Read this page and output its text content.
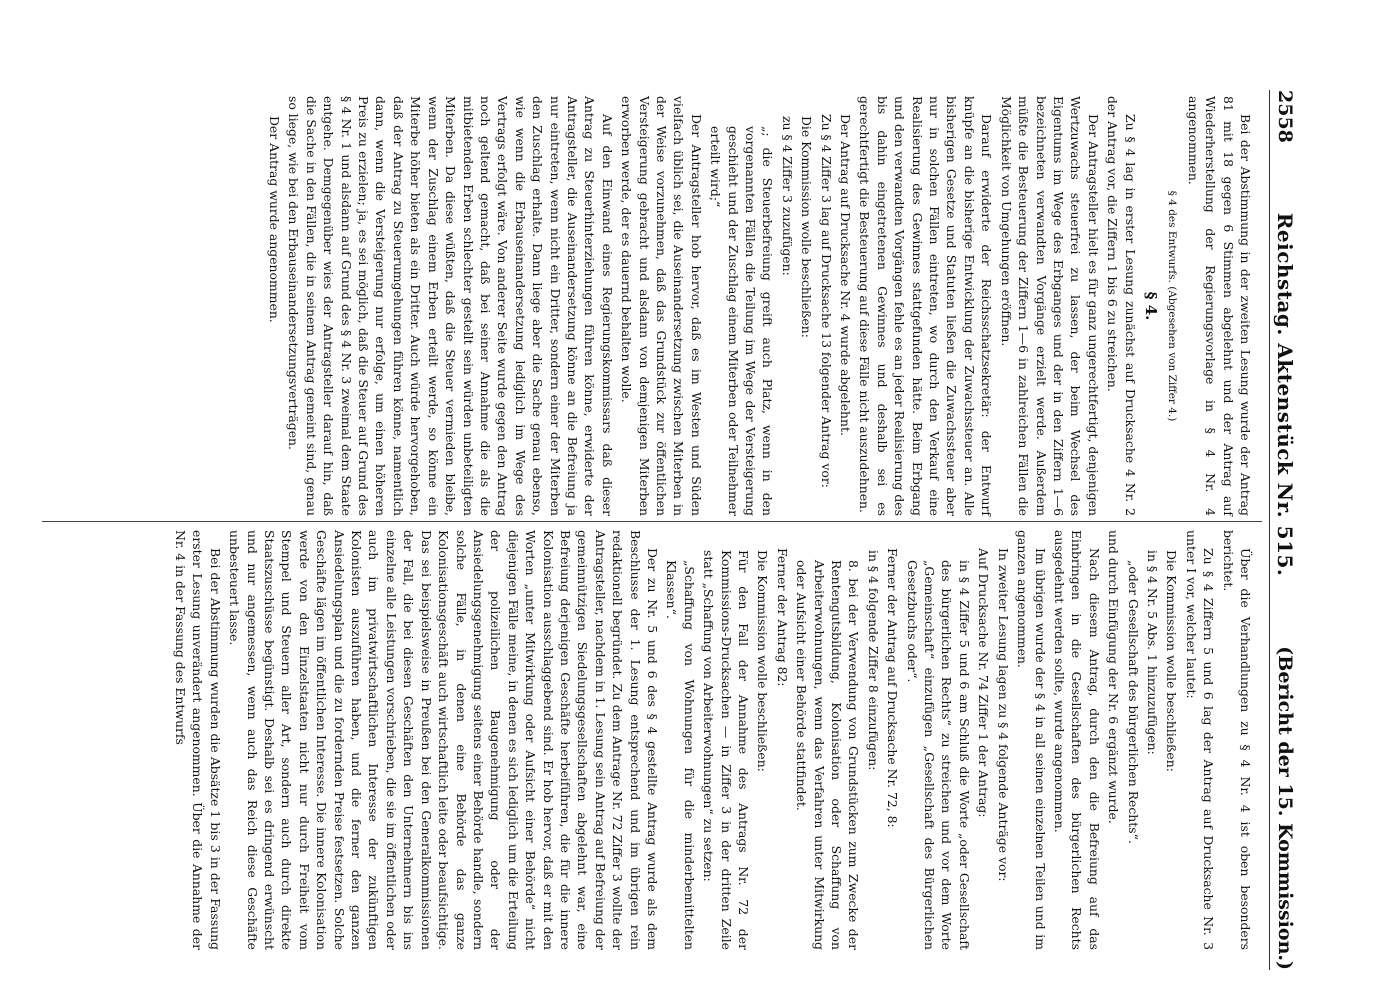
2558
Reichstag. Aktenstück Nr. 515.
(Bericht der 15. Kommission.)

Bei der Abstimmung in der zweiten Lesung wurde der Antrag 81 mit 18 gegen 6 Stimmen abgelehnt und der Antrag auf Wiederherstellung der Regierungsvorlage in § 4 Nr. 4 angenommen.

§ 4 des Entwurfs. (Abgesehen von Ziffer 4.)

§ 4.

Zu § 4 lag in erster Lesung zunächst auf Drucksache 4 Nr. 2 der Antrag vor, die Ziffern 1 bis 6 zu streichen.

Der Antragsteller hielt es für ganz ungerechtfertigt, denjenigen Wertzuwachs steuerfrei zu lassen, der beim Wechsel des Eigentums im Wege des Erbganges und der in den Ziffern 1—6 bezeichneten verwandten Vorgänge erzielt werde. Außerdem müßte die Besteuerung der Ziffern 1—6 in zahlreichen Fällen die Möglichkeit von Umgehungen eröffnen.

Darauf erwiderte der Reichsschatzsekretär: der Entwurf knüpfe an die bisherige Entwicklung der Zuwachssteuer an. Alle bisherigen Gesetze und Statuten ließen die Zuwachssteuer aber nur in solchen Fällen eintreten, wo durch den Verkauf eine Realisierung des Gewinnes stattgefunden hätte. Beim Erbgang und den verwandten Vorgängen fehle es an jeder Realisierung des bis dahin eingetretenen Gewinnes und deshalb sei es gerechtfertigt die Besteuerung auf diese Fälle nicht auszudehnen.

Der Antrag auf Drucksache Nr. 4 wurde abgelehnt.

Zu § 4 Ziffer 3 lag auf Drucksache 13 folgender Antrag vor:

Die Kommission wolle beschließen:

zu § 4 Ziffer 3 zuzufügen:

„; die Steuerbefreiung greift auch Platz, wenn in den vorgenannten Fällen die Teilung im Wege der Versteigerung geschieht und der Zuschlag einem Miterben oder Teilnehmer erteilt wird;“

Der Antragsteller hob hervor, daß es im Westen und Süden vielfach üblich sei, die Auseinandersetzung zwischen Miterben in der Weise vorzunehmen, daß das Grundstück zur öffentlichen Versteigerung gebracht und alsdann von demjenigen Miterben erworben werde, der es dauernd behalten wolle.

Auf den Einwand eines Regierungskommissars daß dieser Antrag zu Steuerhinterziehungen führen könne, erwiderte der Antragsteller, die Auseinandersetzung könne an die Befreiung ja nur eintreten, wenn nicht ein Dritter, sondern einer der Miterben den Zuschlag erhalte. Dann liege aber die Sache genau ebenso, wie wenn die Erbauseinandersetzung lediglich im Wege des Vertrags erfolgt wäre. Von anderer Seite wurde gegen den Antrag noch geltend gemacht, daß bei seiner Annahme die als die mitbietenden Erben schlechter gestellt sein würden unbeteiligten Miterben. Da diese wüßten, daß die Steuer vermieden bleibe, wenn der Zuschlag einem Erben erteilt werde, so könne ein Miterbe höher bieten als ein Dritter. Auch würde hervorgehoben, daß der Antrag zu Steuerumgehungen führen könne, namentlich dann, wenn die Versteigerung nur erfolge, um einen höheren Preis zu erzielen; ja, es sei möglich, daß die Steuer auf Grund des § 4 Nr. 1 und alsdann auf Grund des § 4 Nr. 3 zweimal dem Staate entgehe. Demgegenüber wies der Antragsteller darauf hin, daß die Sache in den Fällen, die in seinem Antrag gemeint sind, genau so liege, wie bei den Erbauseinandersetzungsverträgen.

Der Antrag wurde angenommen.

Über die Verhandlungen zu § 4 Nr. 4 ist oben besonders berichtet.

Zu § 4 Ziffern 5 und 6 lag der Antrag auf Drucksache Nr. 3 unter I vor, welcher lautet:

Die Kommission wolle beschließen:

in § 4 Nr. 5 Abs. 1 hinzuzufügen:

„oder Gesellschaft des bürgerlichen Rechts“.

und durch Einfügung der Nr. 6 ergänzt wurde.

Nach diesem Antrag, durch den die Befreiung auf das Einbringen in die Gesellschaften des bürgerlichen Rechts ausgedehnt werden sollte, wurde angenommen.

Im übrigen wurde der § 4 in all seinen einzelnen Teilen und im ganzen angenommen.

In zweiter Lesung lagen zu § 4 folgende Anträge vor:

Auf Drucksache Nr. 74 Ziffer 1 der Antrag:

in § 4 Ziffer 5 und 6 am Schluß die Worte „oder Gesellschaft des bürgerlichen Rechts“ zu streichen und vor dem Worte „Gemeinschaft“ einzufügen „Gesellschaft des Bürgerlichen Gesetzbuchs oder“.

Ferner der Antrag auf Drucksache Nr. 72, 8:

in § 4 folgende Ziffer 8 einzufügen:

8. bei der Verwendung von Grundstücken zum Zwecke der Rentengutsbildung, Kolonisation oder Schaffung von Arbeiterwohnungen, wenn das Verfahren unter Mitwirkung oder Aufsicht einer Behörde stattfindet.

Ferner der Antrag 82:

Die Kommission wolle beschließen:

Für den Fall der Annahme des Antrags Nr. 72 der Kommissions-Drucksachen — in Ziffer 3 in der dritten Zeile statt „Schaffung von Arbeiterwohnungen“ zu setzen:

„Schaffung von Wohnungen für die minderbemittelten Klassen“.

Der zu Nr. 5 und 6 des § 4 gestellte Antrag wurde als dem Beschlusse der 1. Lesung entsprechend und im übrigen rein redaktionell begründet. Zu dem Antrage Nr. 72 Ziffer 3 wollte der Antragsteller, nachdem in 1. Lesung sein Antrag auf Befreiung der gemeinnützigen Siedelungsgesellschaften abgelehnt war, eine Befreiung derjenigen Geschäfte herbeiführen, die für die innere Kolonisation ausschlaggebend sind. Er hob hervor, daß er mit den Worten „unter Mitwirkung oder Aufsicht einer Behörde“ nicht diejenigen Fälle meine, in denen es sich lediglich um die Erteilung der polizeilichen Baugenehmigung oder der Ansiedelungsgenehmigung seitens einer Behörde handle, sondern solche Fälle, in denen eine Behörde das ganze Kolonisationsgeschäft auch wirtschaftlich leite oder beaufsichtige. Das sei beispielsweise in Preußen bei den Generalkommissionen der Fall, die bei diesen Geschäften den Unternehmern bis ins einzelne alle Leistungen vorschrieben, die sie im öffentlichen oder auch im privatwirtschaftlichen Interesse der zukünftigen Kolonisten auszuführen haben, und die ferner den ganzen Ansiedelungsplan und die zu fordernden Preise festsetzen. Solche Geschäfte lägen im öffentlichen Interesse. Die innere Kolonisation werde von den Einzelstaaten nicht nur durch Freiheit vom Stempel und Steuern aller Art, sondern auch durch direkte Staatszuschüsse begünstigt. Deshalb sei es dringend erwünscht und nur angemessen, wenn auch das Reich diese Geschäfte unbesteuert lasse.

Bei der Abstimmung wurden die Absätze 1 bis 3 in der Fassung erster Lesung unverändert angenommen. Über die Annahme der Nr. 4 in der Fassung des Entwurfs
